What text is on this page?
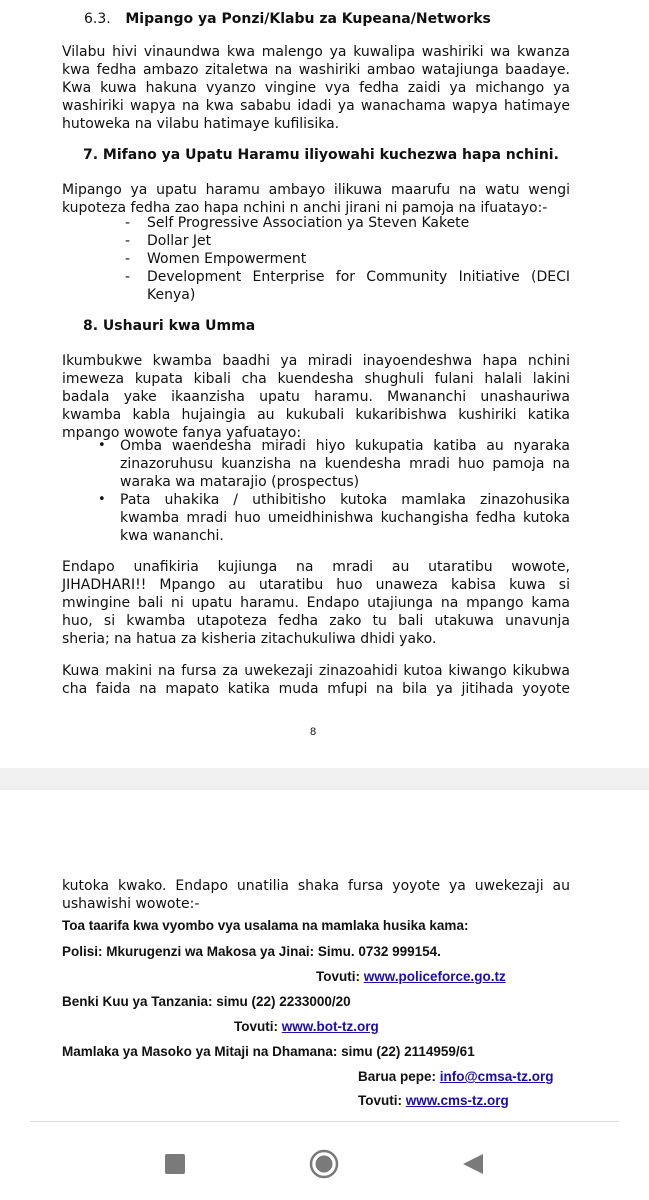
6.3. Mipango ya Ponzi/Klabu za Kupeana/Networks
Vilabu hivi vinaundwa kwa malengo ya kuwalipa washiriki wa kwanza
kwa fedha ambazo zitaletwa na washiriki ambao watajiunga baadaye.
Kwa kuwa hakuna vyanzo vingine vya fedha zaidi ya michango ya
washiriki wapya na kwa sababu idadi ya wanachama wapya hatimaye
hutoweka na vilabu hatimaye kufilisika.
7. Mifano ya Upatu Haramu iliyowahi kuchezwa hapa nchini.
Mipango ya upatu haramu ambayo ilikuwa maarufu na watu wengi
kupoteza fedha zao hapa nchini n anchi jirani ni pamoja na ifuatayo:-
- Self Progressive Association ya Steven Kakete
- Dollar Jet
- Women Empowerment
- Development Enterprise for Community Initiative (DECI
Kenya)
8. Ushauri kwa Umma
Ikumbukwe kwamba baadhi ya miradi inayoendeshwa hapa nchini
imeweza kupata kibali cha kuendesha shughuli fulani halali lakini
badala yake ikaanzisha upatu haramu. Mwananchi unashauriwa
kwamba kabla hujaingia au kukubali kukaribishwa kushiriki katika
mpango wowote fanya yafuatayo:
• Omba waendesha miradi hiyo kukupatia katiba au nyaraka
zinazoruhusu kuanzisha na kuendesha mradi huo pamoja na
waraka wa matarajio (prospectus)
• Pata uhakika / uthibitisho kutoka mamlaka zinazohusika
kwamba mradi huo umeidhinishwa kuchangisha fedha kutoka
kwa wananchi.
Endapo unafikiria kujiunga na mradi au utaratibu wowote,
JIHADHARI!! Mpango au utaratibu huo unaweza kabisa kuwa si
mwingine bali ni upatu haramu. Endapo utajiunga na mpango kama
huo, si kwamba utapoteza fedha zako tu bali utakuwa unavunja
sheria; na hatua za kisheria zitachukuliwa dhidi yako.
Kuwa makini na fursa za uwekezaji zinazoahidi kutoa kiwango kikubwa
cha faida na mapato katika muda mfupi na bila ya jitihada yoyote
8
kutoka kwako. Endapo unatilia shaka fursa yoyote ya uwekezaji au
ushawishi wowote:-
Toa taarifa kwa vyombo vya usalama na mamlaka husika kama:
Polisi: Mkurugenzi wa Makosa ya Jinai: Simu. 0732 999154.
Tovuti: www.policeforce.go.tz
Benki Kuu ya Tanzania: simu (22) 2233000/20
Tovuti: www.bot-tz.org
Mamlaka ya Masoko ya Mitaji na Dhamana: simu (22) 2114959/61
Barua pepe: info@cmsa-tz.org
Tovuti: www.cms-tz.org
